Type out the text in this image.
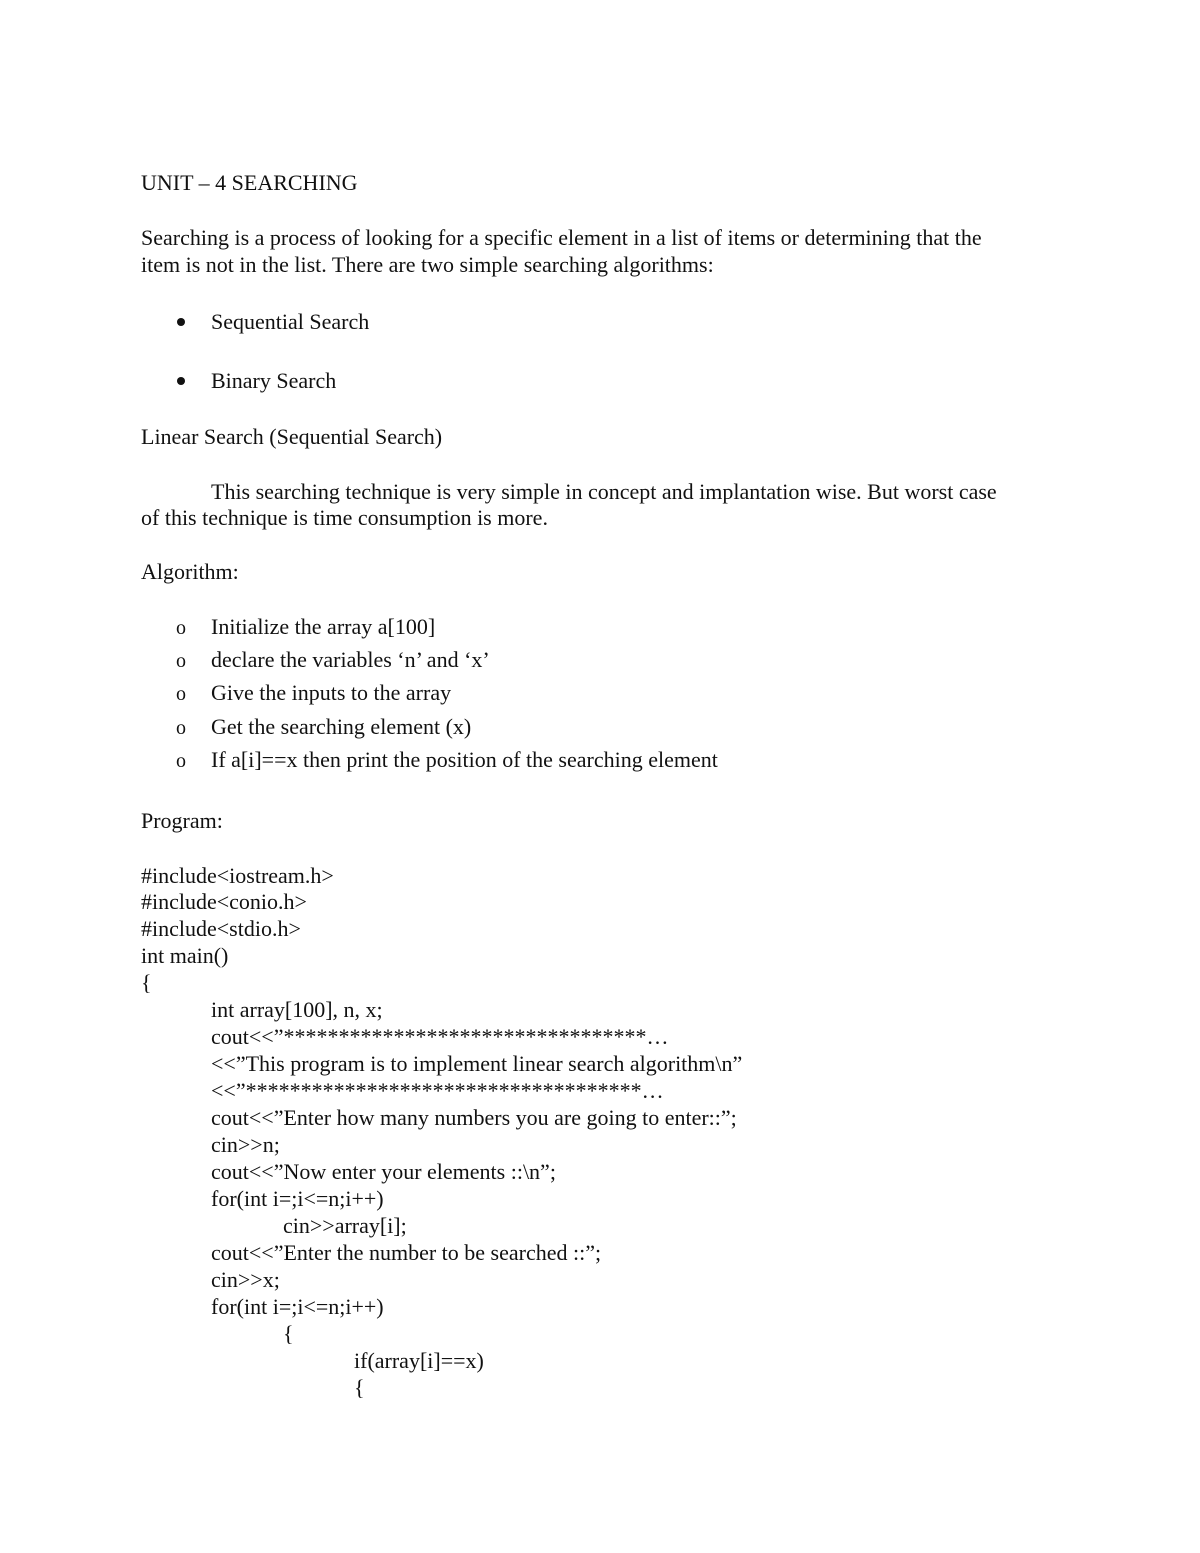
UNIT – 4 SEARCHING
Searching is a process of looking for a specific element in a list of items or determining that the
item is not in the list. There are two simple searching algorithms:
Sequential Search
Binary Search
Linear Search (Sequential Search)
This searching technique is very simple in concept and implantation wise. But worst case
of this technique is time consumption is more.
Algorithm:
o Initialize the array a[100]
o declare the variables ‘n’ and ‘x’
o Give the inputs to the array
o Get the searching element (x)
o If a[i]==x then print the position of the searching element
Program:
#include<iostream.h>
#include<conio.h>
#include<stdio.h>
int main()
{
int array[100], n, x;
cout<<”*********************************…
<<”This program is to implement linear search algorithm\n”
<<”************************************…
cout<<”Enter how many numbers you are going to enter::”;
cin>>n;
cout<<”Now enter your elements ::\n”;
for(int i=;i<=n;i++)
cin>>array[i];
cout<<”Enter the number to be searched ::”;
cin>>x;
for(int i=;i<=n;i++)
{
if(array[i]==x)
{
